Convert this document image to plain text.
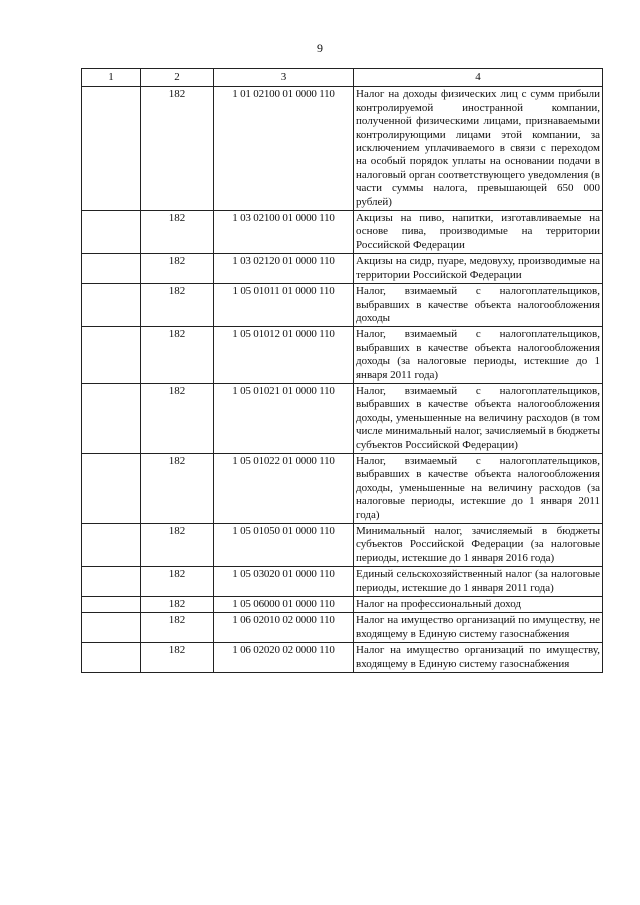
9
1	2	3	4
	182	1 01 02100 01 0000 110	Налог на доходы физических лиц с сумм прибыли контролируемой иностранной компании, полученной физическими лицами, признаваемыми контролирующими лицами этой компании, за исключением уплачиваемого в связи с переходом на особый порядок уплаты на основании подачи в налоговый орган соответствующего уведомления (в части суммы налога, превышающей 650 000 рублей)
	182	1 03 02100 01 0000 110	Акцизы на пиво, напитки, изготавливаемые на основе пива, производимые на территории Российской Федерации
	182	1 03 02120 01 0000 110	Акцизы на сидр, пуаре, медовуху, производимые на территории Российской Федерации
	182	1 05 01011 01 0000 110	Налог, взимаемый с налогоплательщиков, выбравших в качестве объекта налогообложения доходы
	182	1 05 01012 01 0000 110	Налог, взимаемый с налогоплательщиков, выбравших в качестве объекта налогообложения доходы (за налоговые периоды, истекшие до 1 января 2011 года)
	182	1 05 01021 01 0000 110	Налог, взимаемый с налогоплательщиков, выбравших в качестве объекта налогообложения доходы, уменьшенные на величину расходов (в том числе минимальный налог, зачисляемый в бюджеты субъектов Российской Федерации)
	182	1 05 01022 01 0000 110	Налог, взимаемый с налогоплательщиков, выбравших в качестве объекта налогообложения доходы, уменьшенные на величину расходов (за налоговые периоды, истекшие до 1 января 2011 года)
	182	1 05 01050 01 0000 110	Минимальный налог, зачисляемый в бюджеты субъектов Российской Федерации (за налоговые периоды, истекшие до 1 января 2016 года)
	182	1 05 03020 01 0000 110	Единый сельскохозяйственный налог (за налоговые периоды, истекшие до 1 января 2011 года)
	182	1 05 06000 01 0000 110	Налог на профессиональный доход
	182	1 06 02010 02 0000 110	Налог на имущество организаций по имуществу, не входящему в Единую систему газоснабжения
	182	1 06 02020 02 0000 110	Налог на имущество организаций по имуществу, входящему в Единую систему газоснабжения
